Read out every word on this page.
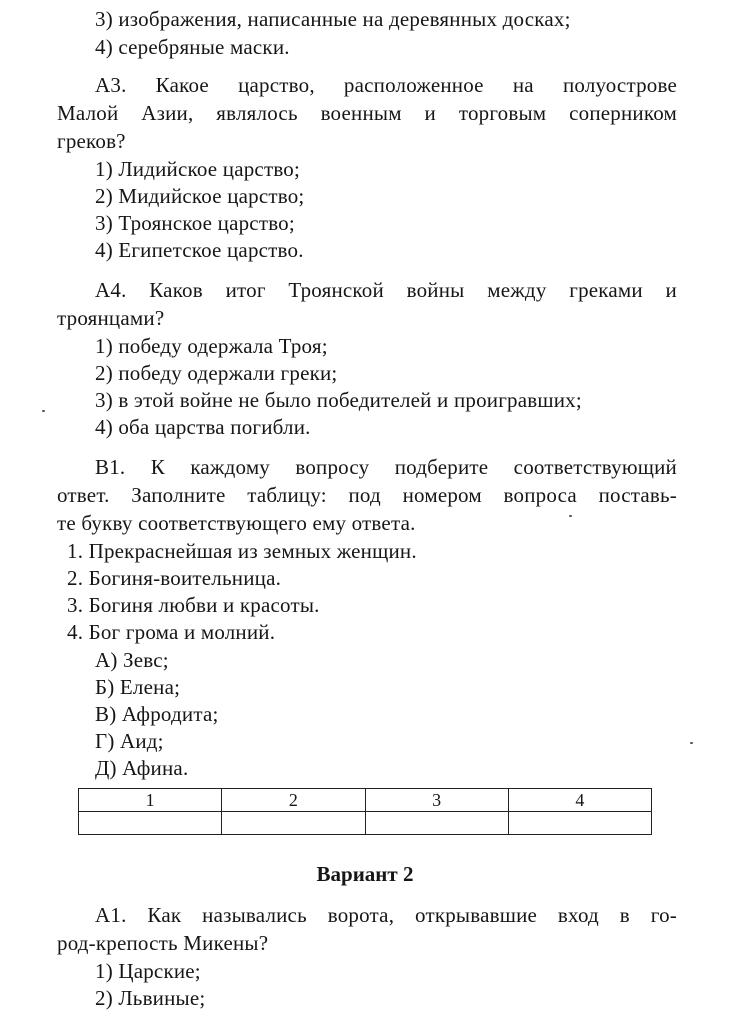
3) изображения, написанные на деревянных досках;
4) серебряные маски.
А3. Какое царство, расположенное на полуострове
Малой Азии, являлось военным и торговым соперником
греков?
1) Лидийское царство;
2) Мидийское царство;
3) Троянское царство;
4) Египетское царство.
А4. Каков итог Троянской войны между греками и
троянцами?
1) победу одержала Троя;
2) победу одержали греки;
3) в этой войне не было победителей и проигравших;
4) оба царства погибли.
В1. К каждому вопросу подберите соответствующий
ответ. Заполните таблицу: под номером вопроса поставь-
те букву соответствующего ему ответа.
1. Прекраснейшая из земных женщин.
2. Богиня-воительница.
3. Богиня любви и красоты.
4. Бог грома и молний.
А) Зевс;
Б) Елена;
В) Афродита;
Г) Аид;
Д) Афина.
1	2	3	4

Вариант 2
А1. Как назывались ворота, открывавшие вход в го-
род-крепость Микены?
1) Царские;
2) Львиные;
